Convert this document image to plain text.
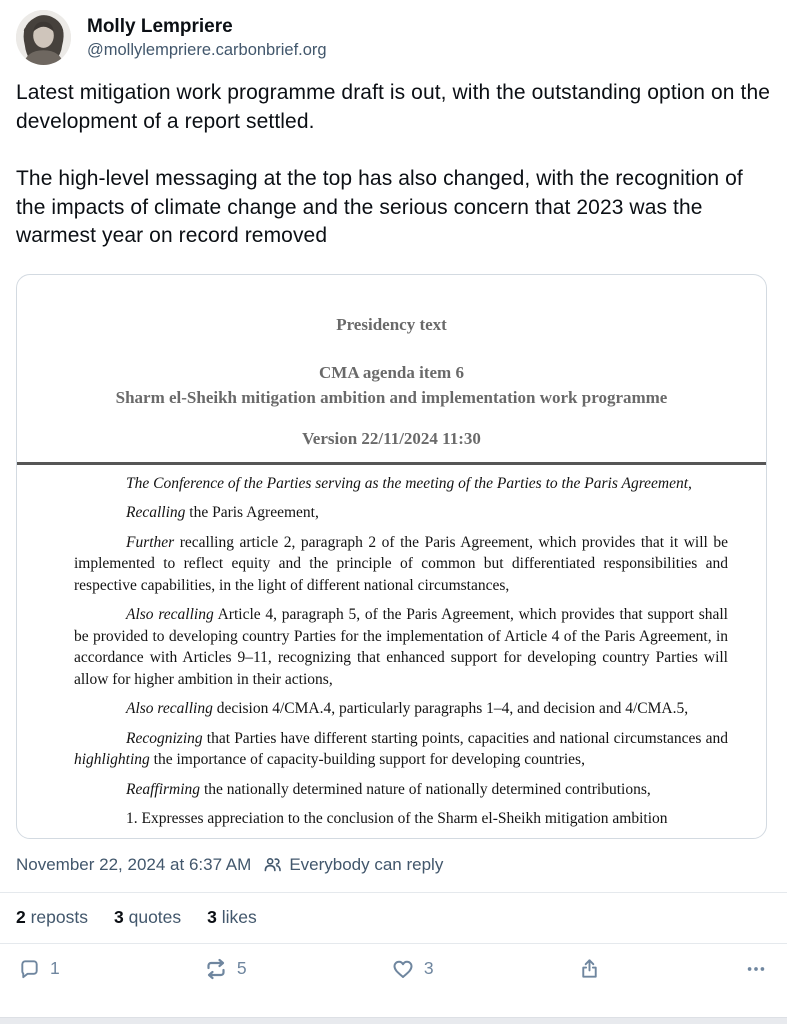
Molly Lempriere
@mollylempriere.carbonbrief.org

Latest mitigation work programme draft is out, with the outstanding option on the development of a report settled.

The high-level messaging at the top has also changed, with the recognition of the impacts of climate change and the serious concern that 2023 was the warmest year on record removed

Presidency text
CMA agenda item 6
Sharm el-Sheikh mitigation ambition and implementation work programme
Version 22/11/2024 11:30

The Conference of the Parties serving as the meeting of the Parties to the Paris Agreement,

Recalling the Paris Agreement,

Further recalling article 2, paragraph 2 of the Paris Agreement, which provides that it will be implemented to reflect equity and the principle of common but differentiated responsibilities and respective capabilities, in the light of different national circumstances,

Also recalling Article 4, paragraph 5, of the Paris Agreement, which provides that support shall be provided to developing country Parties for the implementation of Article 4 of the Paris Agreement, in accordance with Articles 9–11, recognizing that enhanced support for developing country Parties will allow for higher ambition in their actions,

Also recalling decision 4/CMA.4, particularly paragraphs 1–4, and decision and 4/CMA.5,

Recognizing that Parties have different starting points, capacities and national circumstances and highlighting the importance of capacity-building support for developing countries,

Reaffirming the nationally determined nature of nationally determined contributions,

1. Expresses appreciation to the conclusion of the Sharm el-Sheikh mitigation ambition

November 22, 2024 at 6:37 AM Everybody can reply
2 reposts 3 quotes 3 likes
1	5	3
